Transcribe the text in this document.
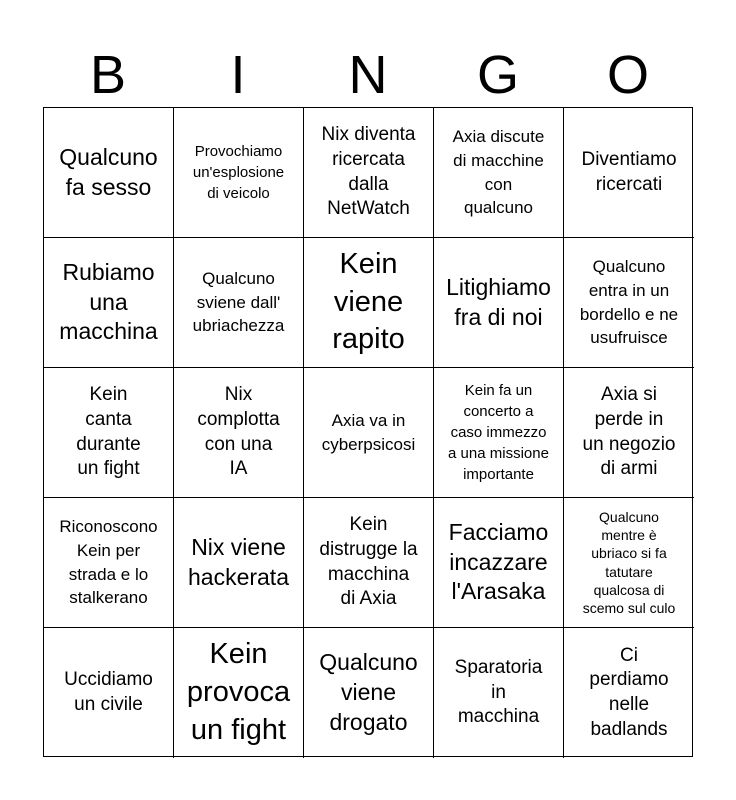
B	I	N	G	O
Qualcuno
fa sesso
Provochiamo
un'esplosione
di veicolo
Nix diventa
ricercata
dalla
NetWatch
Axia discute
di macchine
con
qualcuno
Diventiamo
ricercati
Rubiamo
una
macchina
Qualcuno
sviene dall'
ubriachezza
Kein
viene
rapito
Litighiamo
fra di noi
Qualcuno
entra in un
bordello e ne
usufruisce
Kein
canta
durante
un fight
Nix
complotta
con una
IA
Axia va in
cyberpsicosi
Kein fa un
concerto a
caso immezzo
a una missione
importante
Axia si
perde in
un negozio
di armi
Riconoscono
Kein per
strada e lo
stalkerano
Nix viene
hackerata
Kein
distrugge la
macchina
di Axia
Facciamo
incazzare
l'Arasaka
Qualcuno
mentre è
ubriaco si fa
tatutare
qualcosa di
scemo sul culo
Uccidiamo
un civile
Kein
provoca
un fight
Qualcuno
viene
drogato
Sparatoria
in
macchina
Ci
perdiamo
nelle
badlands
